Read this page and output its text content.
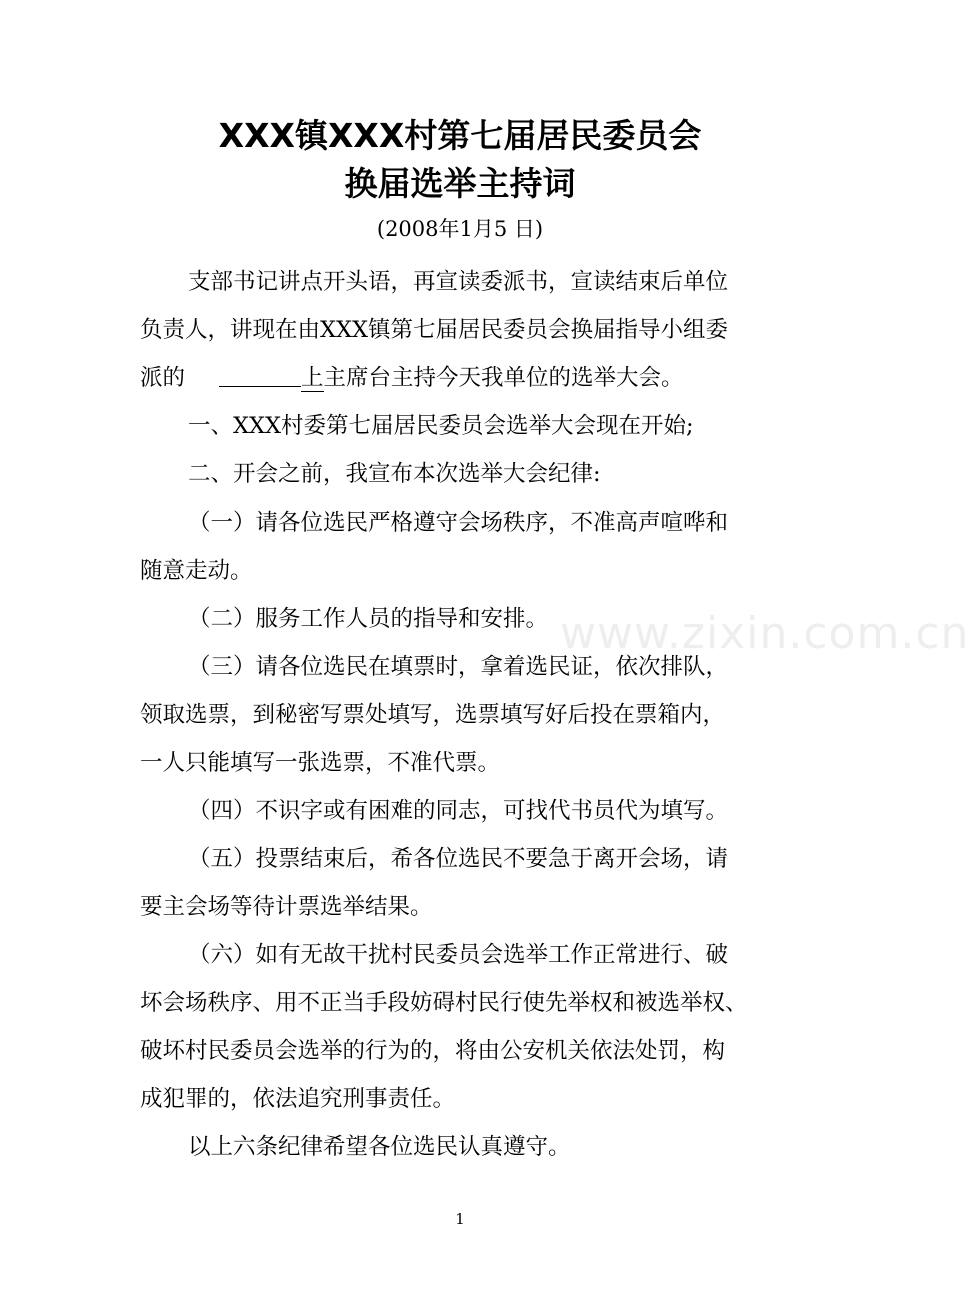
XXX镇XXX村第七届居民委员会
换届选举主持词
(2008年1月5 日)
支部书记讲点开头语，再宣读委派书，宣读结束后单位
负责人，讲现在由XXX镇第七届居民委员会换届指导小组委
派的	上主席台主持今天我单位的选举大会。
一、XXX村委第七届居民委员会选举大会现在开始;
二、开会之前，我宣布本次选举大会纪律:
（一）请各位选民严格遵守会场秩序，不准高声喧哗和
随意走动。
（二）服务工作人员的指导和安排。
（三）请各位选民在填票时，拿着选民证，依次排队，
领取选票，到秘密写票处填写，选票填写好后投在票箱内，
一人只能填写一张选票，不准代票。
（四）不识字或有困难的同志，可找代书员代为填写。
（五）投票结束后，希各位选民不要急于离开会场，请
要主会场等待计票选举结果。
（六）如有无故干扰村民委员会选举工作正常进行、破
坏会场秩序、用不正当手段妨碍村民行使先举权和被选举权、
破坏村民委员会选举的行为的，将由公安机关依法处罚，构
成犯罪的，依法追究刑事责任。
以上六条纪律希望各位选民认真遵守。
www.zixin.com.cn
1
